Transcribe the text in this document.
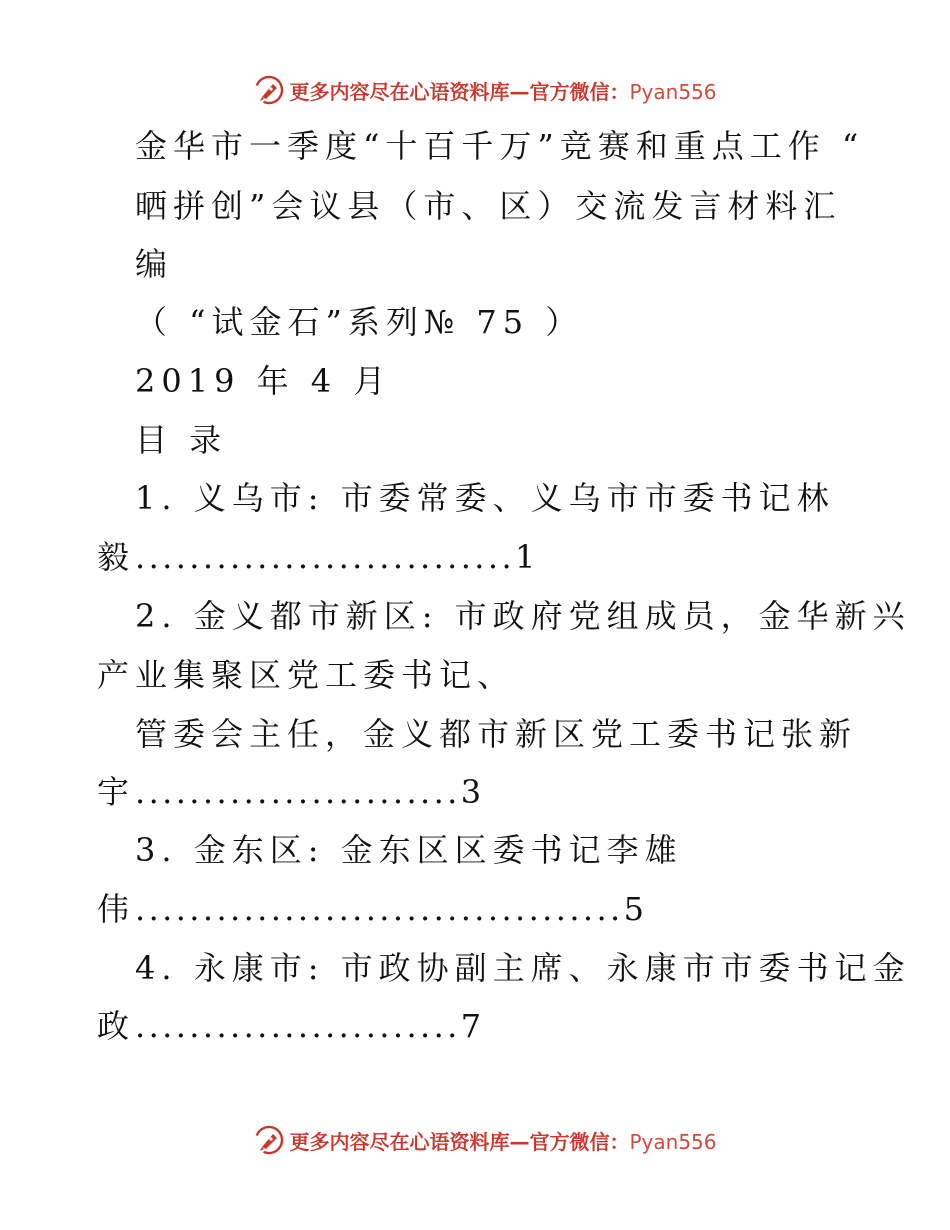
更多内容尽在心语资料库—官方微信：Pyan556
金华市一季度“十百千万”竞赛和重点工作 “
晒拼创”会议县（市、区）交流发言材料汇
编
（ “试金石”系列№ 75 ）
2019 年 4 月
目 录
1. 义乌市: 市委常委、义乌市市委书记林
毅............................1
2. 金义都市新区: 市政府党组成员，金华新兴
产业集聚区党工委书记、
管委会主任，金义都市新区党工委书记张新
宇........................3
3. 金东区: 金东区区委书记李雄
伟....................................5
4. 永康市: 市政协副主席、永康市市委书记金
政........................7
更多内容尽在心语资料库—官方微信：Pyan556
